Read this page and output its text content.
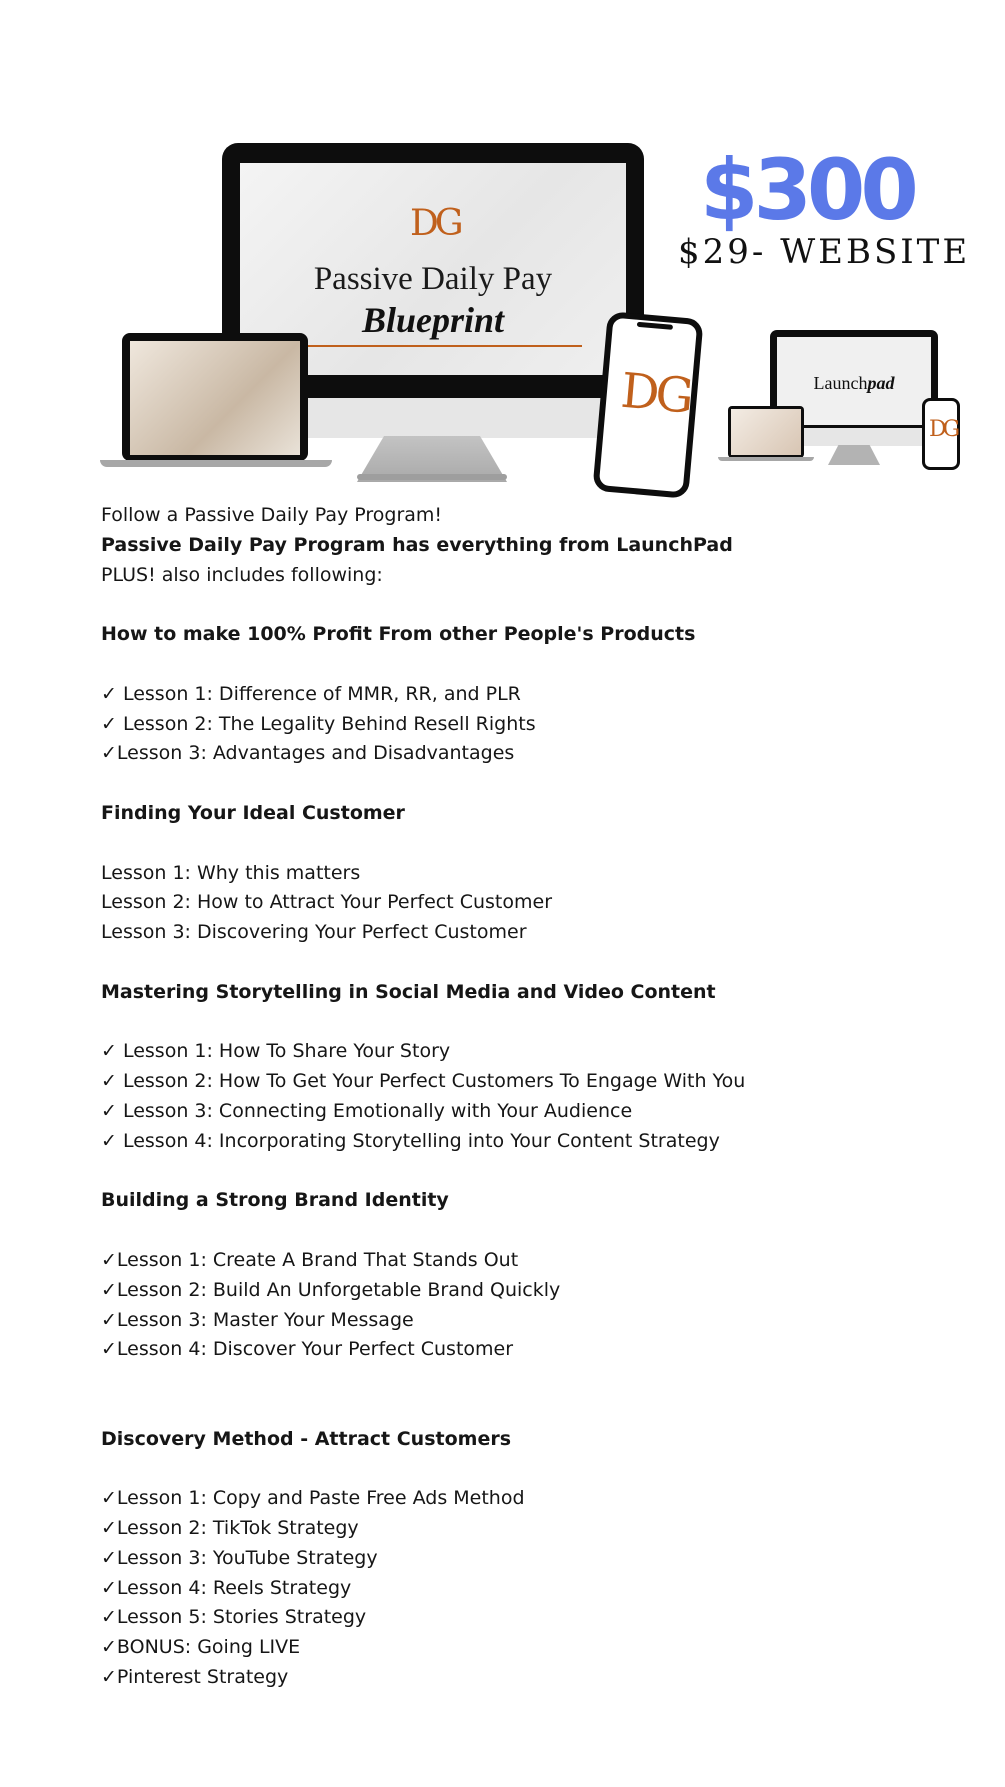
DG
Passive Daily Pay
Blueprint
DG
$300
$29- WEBSITE
Launchpad
DG
Follow a Passive Daily Pay Program!
Passive Daily Pay Program has everything from LaunchPad
PLUS! also includes following:
How to make 100% Profit From other People's Products
✓ Lesson 1: Difference of MMR, RR, and PLR
✓ Lesson 2: The Legality Behind Resell Rights
✓Lesson 3: Advantages and Disadvantages
Finding Your Ideal Customer
Lesson 1: Why this matters
Lesson 2: How to Attract Your Perfect Customer
Lesson 3: Discovering Your Perfect Customer
Mastering Storytelling in Social Media and Video Content
✓ Lesson 1: How To Share Your Story
✓ Lesson 2: How To Get Your Perfect Customers To Engage With You
✓ Lesson 3: Connecting Emotionally with Your Audience
✓ Lesson 4: Incorporating Storytelling into Your Content Strategy
Building a Strong Brand Identity
✓Lesson 1: Create A Brand That Stands Out
✓Lesson 2: Build An Unforgetable Brand Quickly
✓Lesson 3: Master Your Message
✓Lesson 4: Discover Your Perfect Customer
Discovery Method - Attract Customers
✓Lesson 1: Copy and Paste Free Ads Method
✓Lesson 2: TikTok Strategy
✓Lesson 3: YouTube Strategy
✓Lesson 4: Reels Strategy
✓Lesson 5: Stories Strategy
✓BONUS: Going LIVE
✓Pinterest Strategy
